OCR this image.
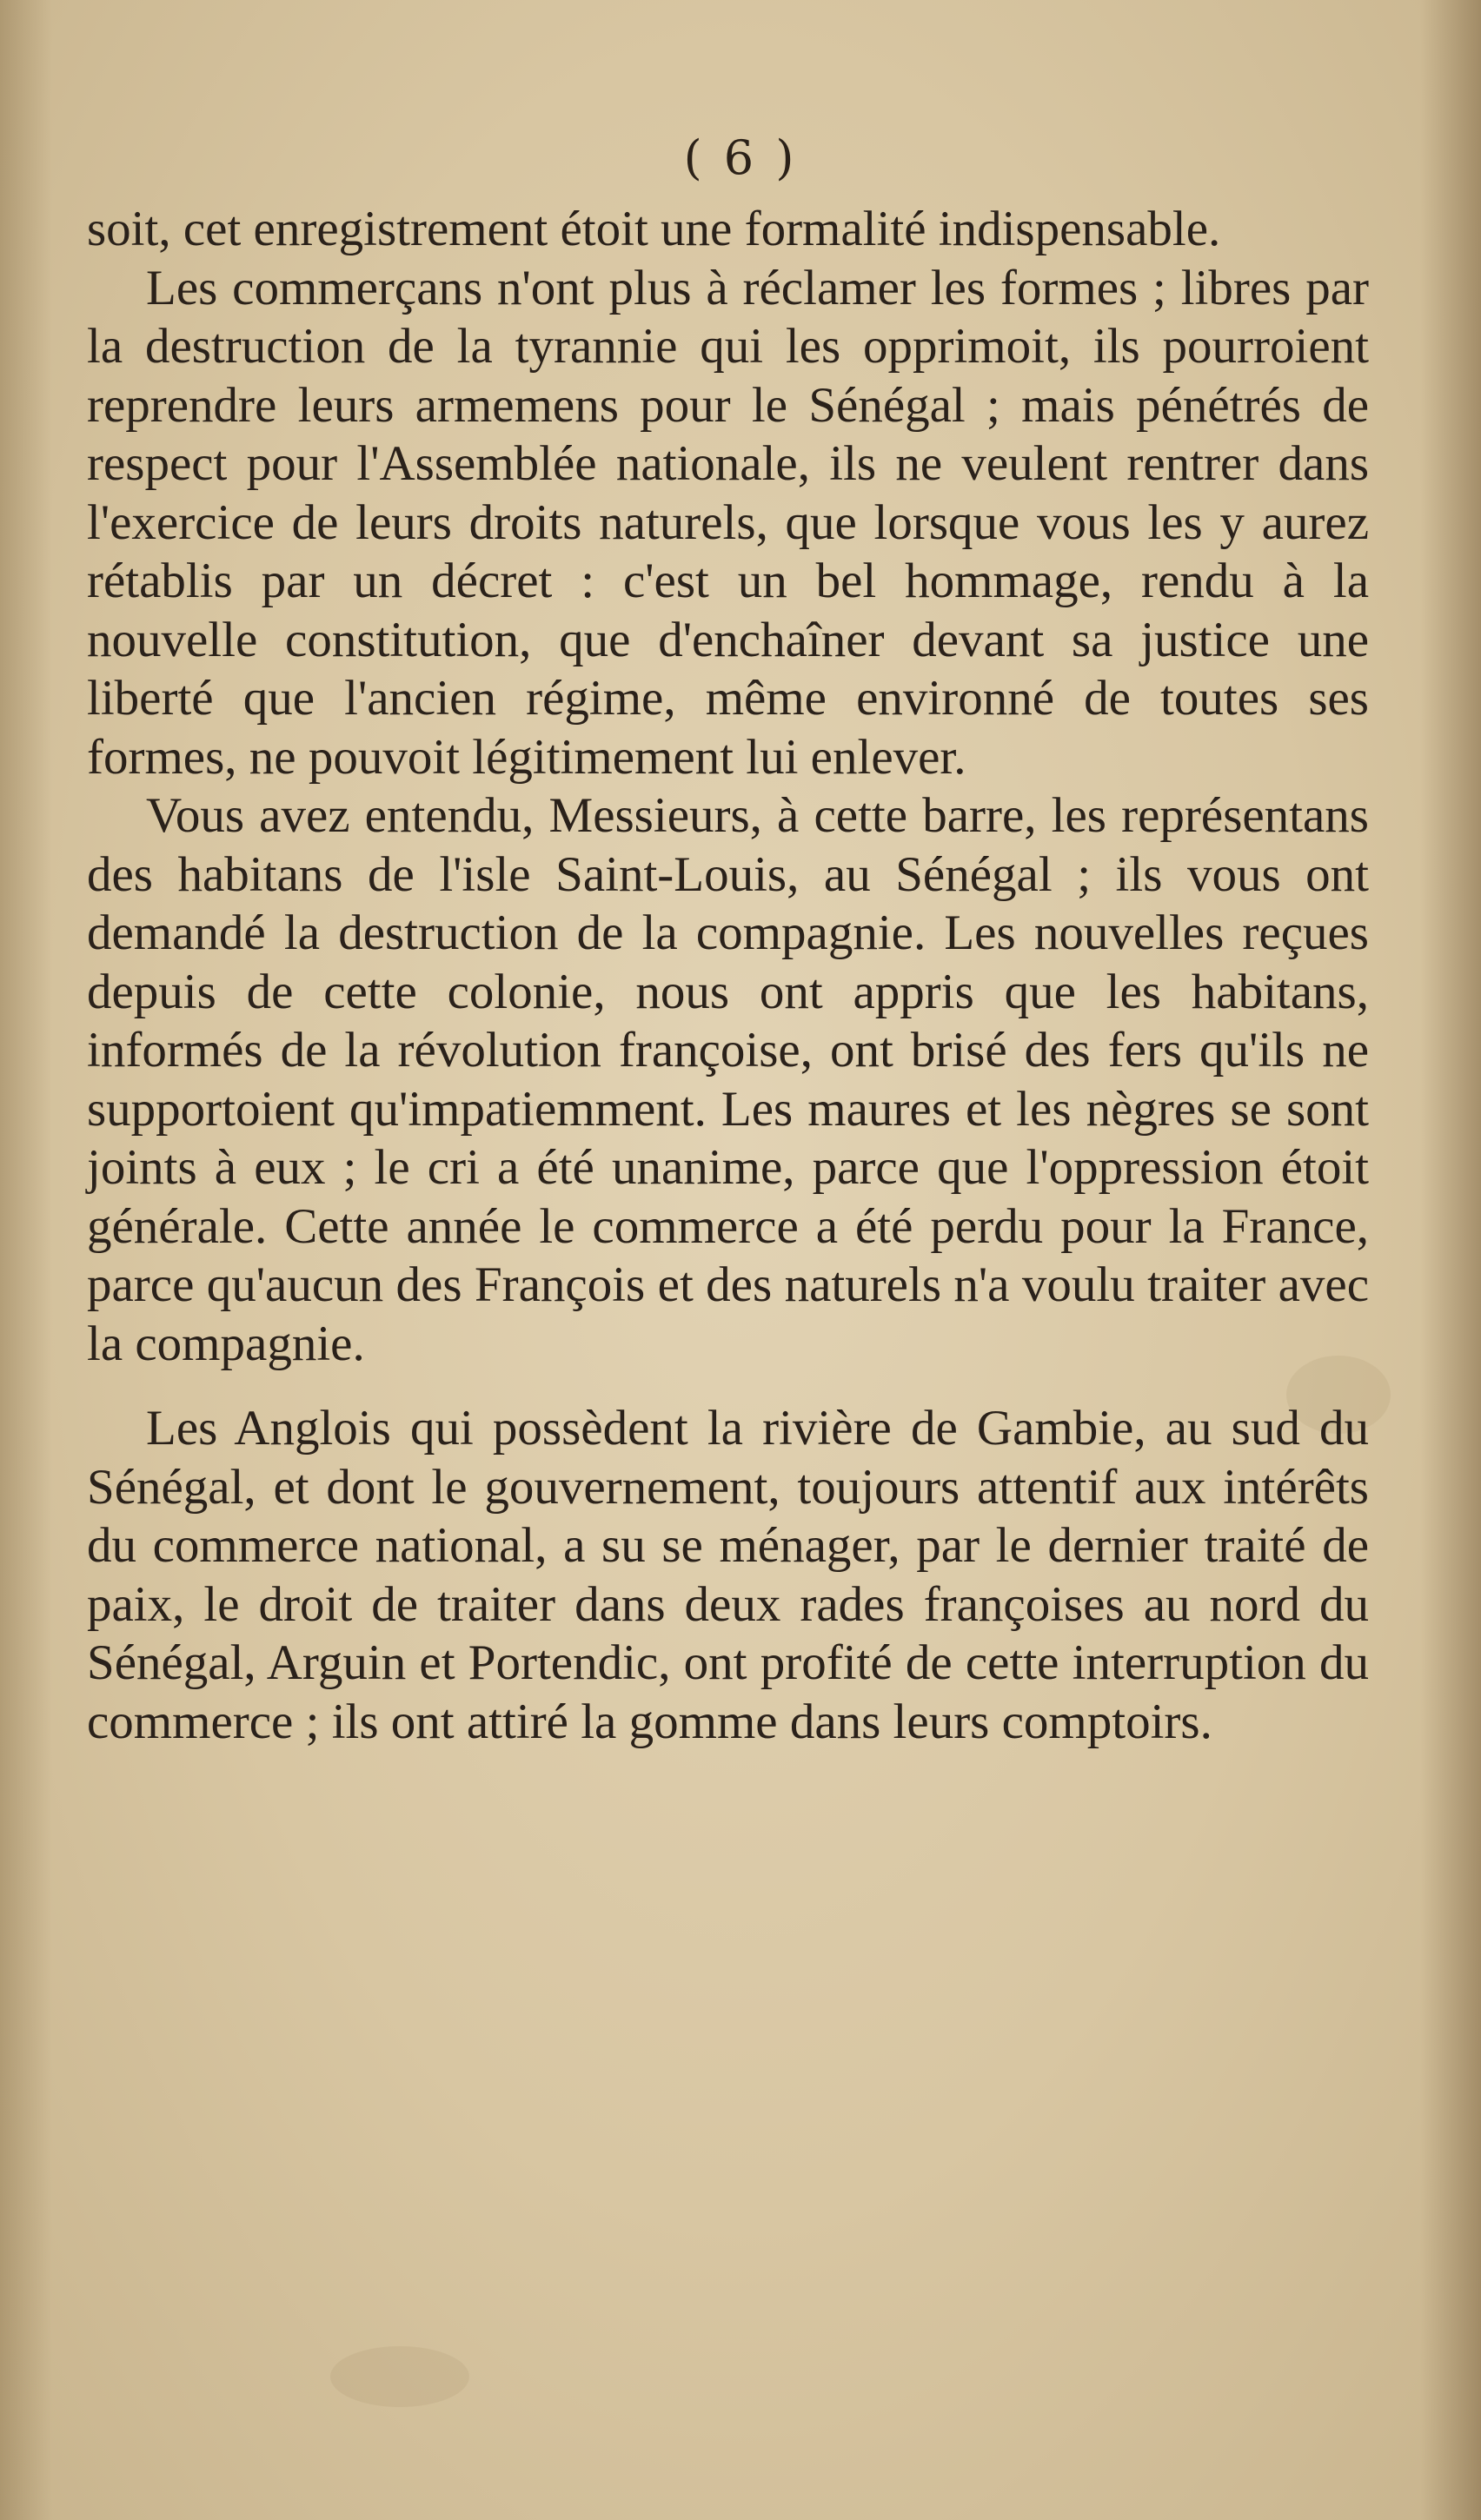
( 6 )

soit, cet enregistrement étoit une formalité indispensable.

Les commerçans n'ont plus à réclamer les formes ; libres par la destruction de la tyrannie qui les opprimoit, ils pourroient reprendre leurs armemens pour le Sénégal ; mais pénétrés de respect pour l'Assemblée nationale, ils ne veulent rentrer dans l'exercice de leurs droits naturels, que lorsque vous les y aurez rétablis par un décret : c'est un bel hommage, rendu à la nouvelle constitution, que d'enchaîner devant sa justice une liberté que l'ancien régime, même environné de toutes ses formes, ne pouvoit légitimement lui enlever.

Vous avez entendu, Messieurs, à cette barre, les représentans des habitans de l'isle Saint-Louis, au Sénégal ; ils vous ont demandé la destruction de la compagnie. Les nouvelles reçues depuis de cette colonie, nous ont appris que les habitans, informés de la révolution françoise, ont brisé des fers qu'ils ne supportoient qu'impatiemment. Les maures et les nègres se sont joints à eux ; le cri a été unanime, parce que l'oppression étoit générale. Cette année le commerce a été perdu pour la France, parce qu'aucun des François et des naturels n'a voulu traiter avec la compagnie.

Les Anglois qui possèdent la rivière de Gambie, au sud du Sénégal, et dont le gouvernement, toujours attentif aux intérêts du commerce national, a su se ménager, par le dernier traité de paix, le droit de traiter dans deux rades françoises au nord du Sénégal, Arguin et Portendic, ont profité de cette interruption du commerce ; ils ont attiré la gomme dans leurs comptoirs.
